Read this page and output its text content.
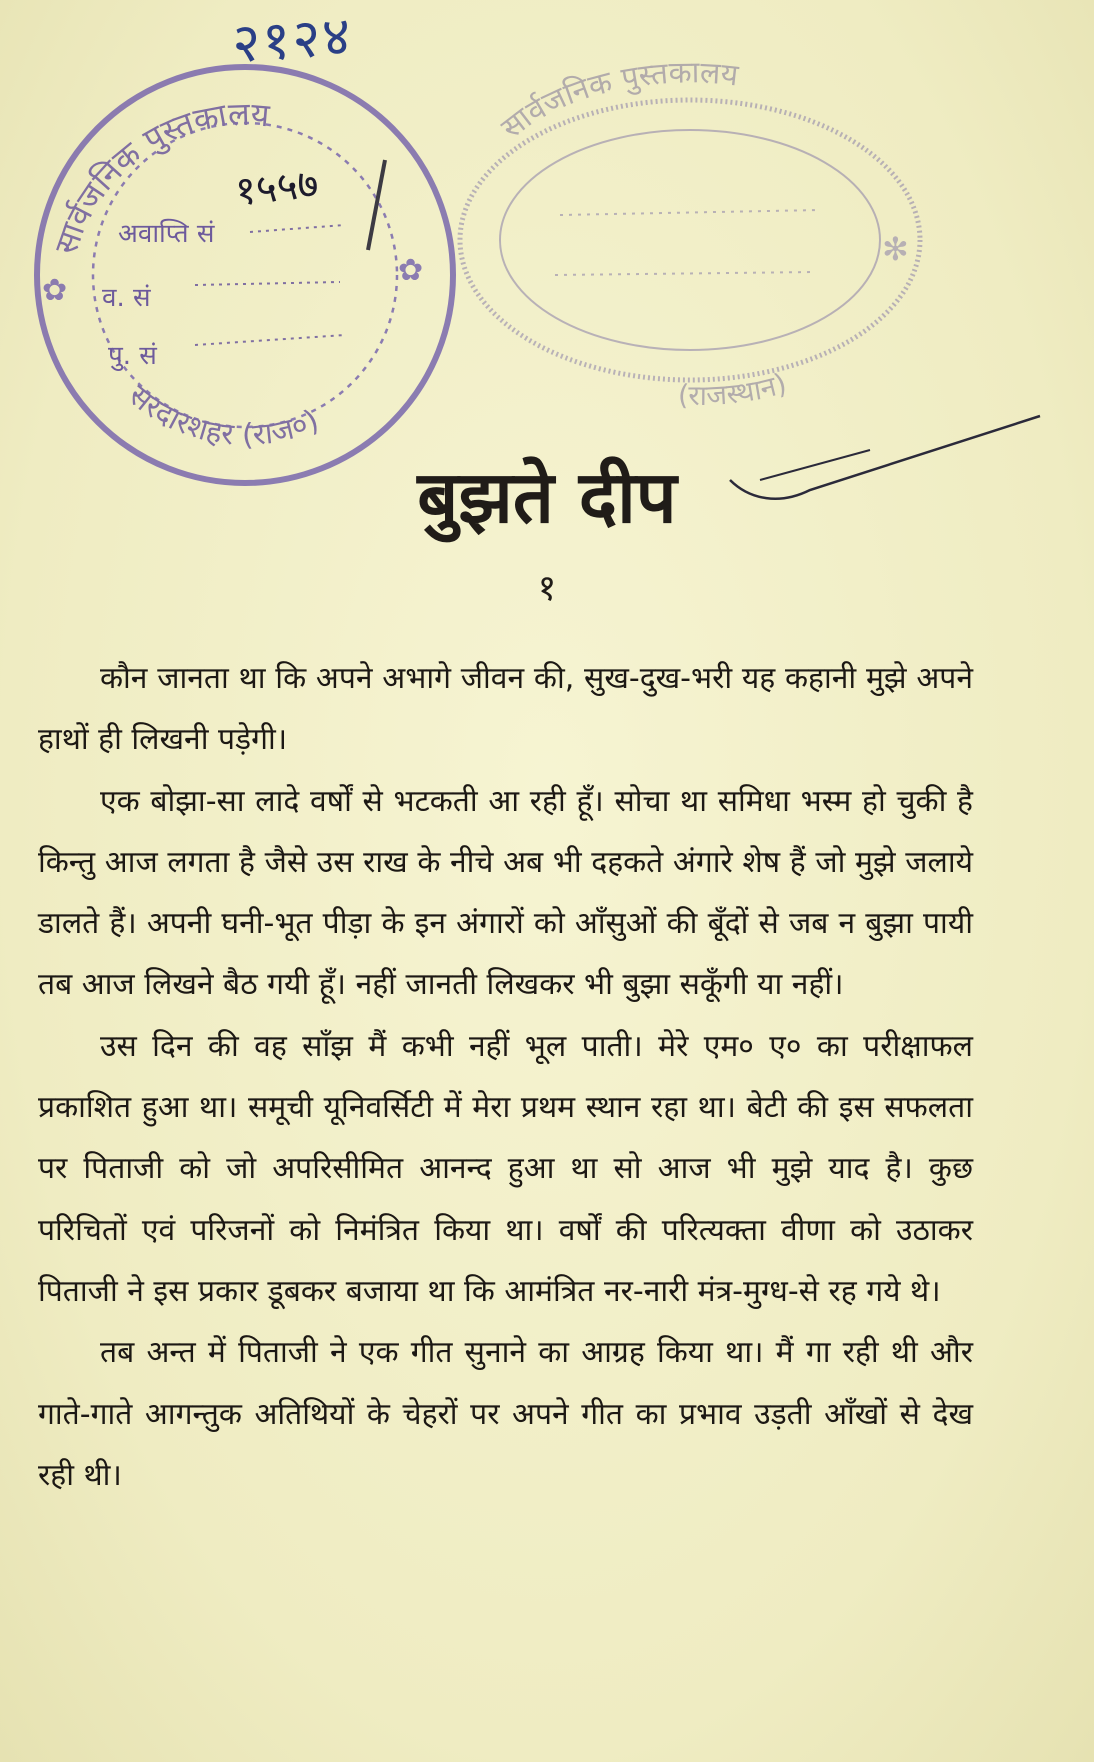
२१२४
सार्वजनिक पुस्तकालय
सरदारशहर (राज०)
✿
✿
सार्वजनिक पुस्तकालय
(राजस्थान)
✻
१५५७
अवाप्ति सं
व. सं
पु. सं
बुझते दीप
१

कौन जानता था कि अपने अभागे जीवन की, सुख-दुख-भरी यह कहानी मुझे अपने हाथों ही लिखनी पड़ेगी।

एक बोझा-सा लादे वर्षों से भटकती आ रही हूँ। सोचा था समिधा भस्म हो चुकी है किन्तु आज लगता है जैसे उस राख के नीचे अब भी दहकते अंगारे शेष हैं जो मुझे जलाये डालते हैं। अपनी घनी-भूत पीड़ा के इन अंगारों को आँसुओं की बूँदों से जब न बुझा पायी तब आज लिखने बैठ गयी हूँ। नहीं जानती लिखकर भी बुझा सकूँगी या नहीं।

उस दिन की वह साँझ मैं कभी नहीं भूल पाती। मेरे एम० ए० का परीक्षाफल प्रकाशित हुआ था। समूची यूनिवर्सिटी में मेरा प्रथम स्थान रहा था। बेटी की इस सफलता पर पिताजी को जो अपरिसीमित आनन्द हुआ था सो आज भी मुझे याद है। कुछ परिचितों एवं परिजनों को निमंत्रित किया था। वर्षों की परित्यक्ता वीणा को उठाकर पिताजी ने इस प्रकार डूबकर बजाया था कि आमंत्रित नर-नारी मंत्र-मुग्ध-से रह गये थे।

तब अन्त में पिताजी ने एक गीत सुनाने का आग्रह किया था। मैं गा रही थी और गाते-गाते आगन्तुक अतिथियों के चेहरों पर अपने गीत का प्रभाव उड़ती आँखों से देख रही थी।
